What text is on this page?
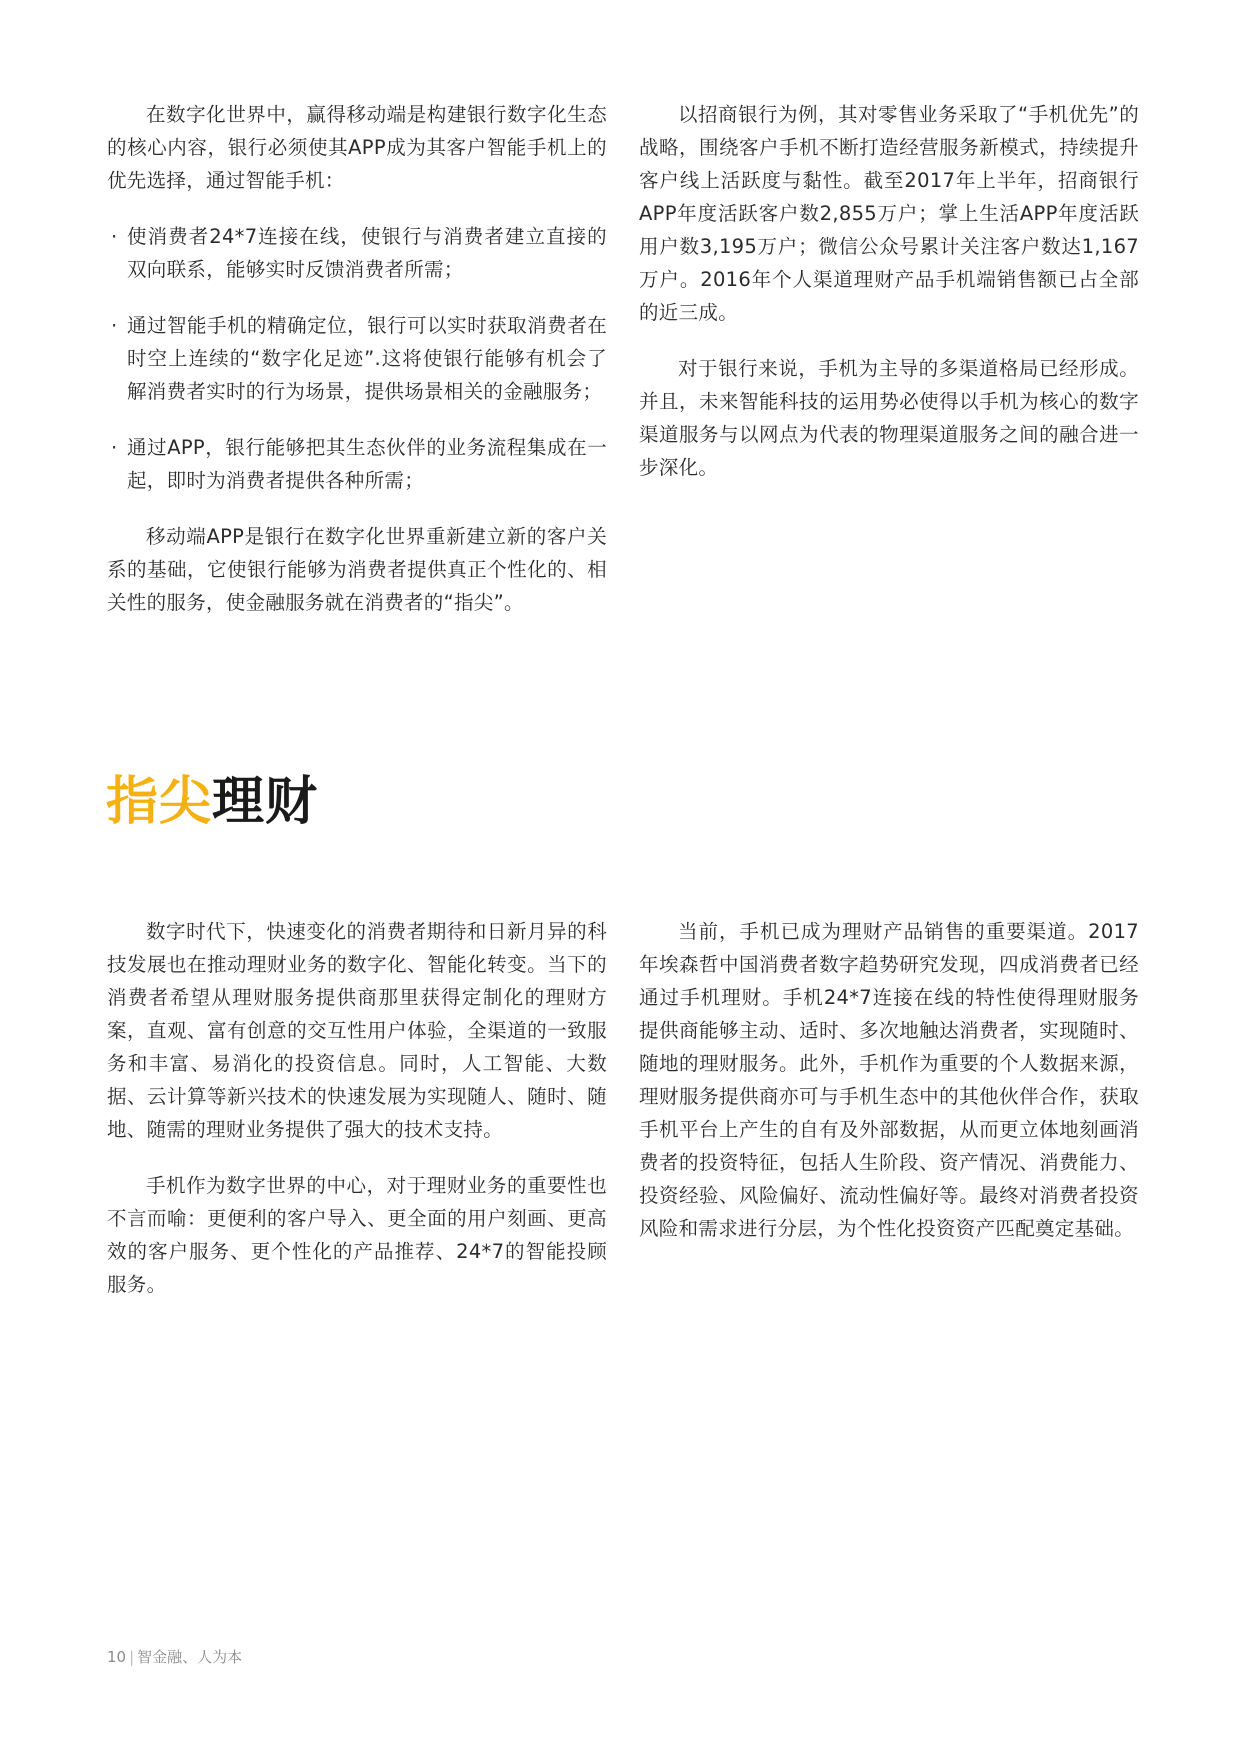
在数字化世界中，赢得移动端是构建银行数字化生态的核心内容，银行必须使其APP成为其客户智能手机上的优先选择，通过智能手机：

· 使消费者24*7连接在线，使银行与消费者建立直接的双向联系，能够实时反馈消费者所需；

· 通过智能手机的精确定位，银行可以实时获取消费者在时空上连续的“数字化足迹”.这将使银行能够有机会了解消费者实时的行为场景，提供场景相关的金融服务；

· 通过APP，银行能够把其生态伙伴的业务流程集成在一起，即时为消费者提供各种所需；

移动端APP是银行在数字化世界重新建立新的客户关系的基础，它使银行能够为消费者提供真正个性化的、相关性的服务，使金融服务就在消费者的“指尖”。

以招商银行为例，其对零售业务采取了“手机优先”的战略，围绕客户手机不断打造经营服务新模式，持续提升客户线上活跃度与黏性。截至2017年上半年，招商银行APP年度活跃客户数2,855万户；掌上生活APP年度活跃用户数3,195万户；微信公众号累计关注客户数达1,167万户。2016年个人渠道理财产品手机端销售额已占全部的近三成。

对于银行来说，手机为主导的多渠道格局已经形成。并且，未来智能科技的运用势必使得以手机为核心的数字渠道服务与以网点为代表的物理渠道服务之间的融合进一步深化。

指尖理财

数字时代下，快速变化的消费者期待和日新月异的科技发展也在推动理财业务的数字化、智能化转变。当下的消费者希望从理财服务提供商那里获得定制化的理财方案，直观、富有创意的交互性用户体验，全渠道的一致服务和丰富、易消化的投资信息。同时，人工智能、大数据、云计算等新兴技术的快速发展为实现随人、随时、随地、随需的理财业务提供了强大的技术支持。

手机作为数字世界的中心，对于理财业务的重要性也不言而喻：更便利的客户导入、更全面的用户刻画、更高效的客户服务、更个性化的产品推荐、24*7的智能投顾服务。

当前，手机已成为理财产品销售的重要渠道。2017年埃森哲中国消费者数字趋势研究发现，四成消费者已经通过手机理财。手机24*7连接在线的特性使得理财服务提供商能够主动、适时、多次地触达消费者，实现随时、随地的理财服务。此外，手机作为重要的个人数据来源，理财服务提供商亦可与手机生态中的其他伙伴合作，获取手机平台上产生的自有及外部数据，从而更立体地刻画消费者的投资特征，包括人生阶段、资产情况、消费能力、投资经验、风险偏好、流动性偏好等。最终对消费者投资风险和需求进行分层，为个性化投资资产匹配奠定基础。

10 | 智金融、人为本
